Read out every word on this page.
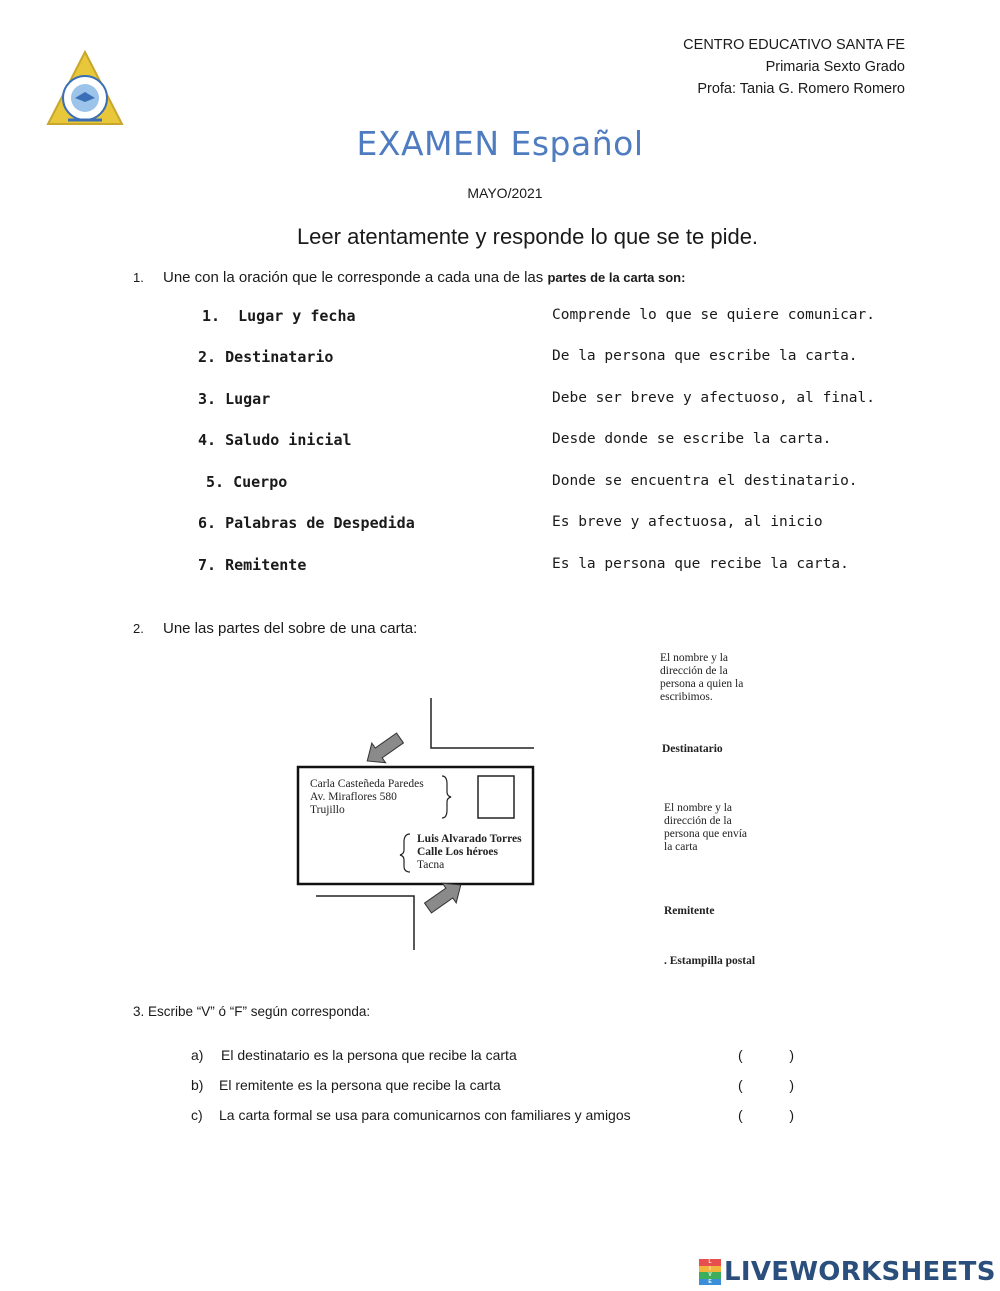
CENTRO EDUCATIVO SANTA FE
Primaria Sexto Grado
Profa: Tania G. Romero Romero
EXAMEN Español
MAYO/2021
Leer atentamente y responde lo que se te pide.
1. Une con la oración que le corresponde a cada una de las partes de la carta son:
1.  Lugar y fecha
2. Destinatario
3. Lugar
4. Saludo inicial
5. Cuerpo
6. Palabras de Despedida
7. Remitente
Comprende lo que se quiere comunicar.
De la persona que escribe la carta.
Debe ser breve y afectuoso, al final.
Desde donde se escribe la carta.
Donde se encuentra el destinatario.
Es breve y afectuosa, al inicio
Es la persona que recibe la carta.
2. Une las partes del sobre de una carta:
Carla Casteñeda Paredes
Av. Miraflores 580
Trujillo
Luis Alvarado Torres
Calle Los héroes
Tacna
El nombre y la dirección de la persona a quien la escribimos.
Destinatario
El nombre y la dirección de la persona que envía la carta
Remitente
. Estampilla postal
3. Escribe “V” ó “F” según corresponda:
a) El destinatario es la persona que recibe la carta
b) El remitente es la persona que recibe la carta
c) La carta formal se usa para comunicarnos con familiares y amigos
(            )
(            )
(            )
L
I
V
E LIVEWORKSHEETS
